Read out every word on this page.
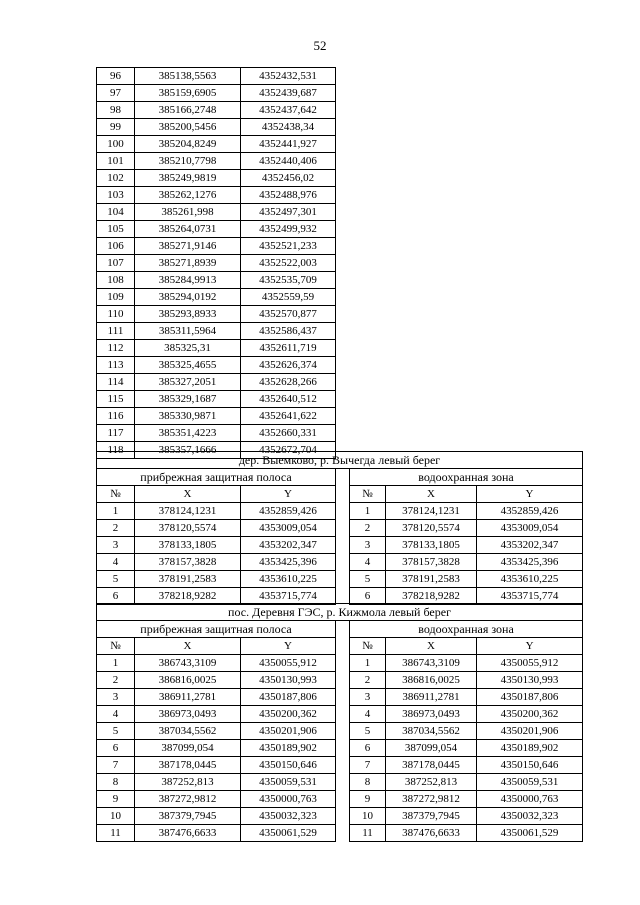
52
96	385138,5563	4352432,531
97	385159,6905	4352439,687
98	385166,2748	4352437,642
99	385200,5456	4352438,34
100	385204,8249	4352441,927
101	385210,7798	4352440,406
102	385249,9819	4352456,02
103	385262,1276	4352488,976
104	385261,998	4352497,301
105	385264,0731	4352499,932
106	385271,9146	4352521,233
107	385271,8939	4352522,003
108	385284,9913	4352535,709
109	385294,0192	4352559,59
110	385293,8933	4352570,877
111	385311,5964	4352586,437
112	385325,31	4352611,719
113	385325,4655	4352626,374
114	385327,2051	4352628,266
115	385329,1687	4352640,512
116	385330,9871	4352641,622
117	385351,4223	4352660,331
118	385357,1666	4352672,704
дер. Выемково, р. Вычегда левый берег						
прибрежная защитная полоса				водоохранная зона		
№	X	Y		№	X	Y
1	378124,1231	4352859,426		1	378124,1231	4352859,426
2	378120,5574	4353009,054		2	378120,5574	4353009,054
3	378133,1805	4353202,347		3	378133,1805	4353202,347
4	378157,3828	4353425,396		4	378157,3828	4353425,396
5	378191,2583	4353610,225		5	378191,2583	4353610,225
6	378218,9282	4353715,774		6	378218,9282	4353715,774
пос. Деревня ГЭС, р. Кижмола левый берег						
прибрежная защитная полоса				водоохранная зона		
№	X	Y		№	X	Y
1	386743,3109	4350055,912		1	386743,3109	4350055,912
2	386816,0025	4350130,993		2	386816,0025	4350130,993
3	386911,2781	4350187,806		3	386911,2781	4350187,806
4	386973,0493	4350200,362		4	386973,0493	4350200,362
5	387034,5562	4350201,906		5	387034,5562	4350201,906
6	387099,054	4350189,902		6	387099,054	4350189,902
7	387178,0445	4350150,646		7	387178,0445	4350150,646
8	387252,813	4350059,531		8	387252,813	4350059,531
9	387272,9812	4350000,763		9	387272,9812	4350000,763
10	387379,7945	4350032,323		10	387379,7945	4350032,323
11	387476,6633	4350061,529		11	387476,6633	4350061,529
